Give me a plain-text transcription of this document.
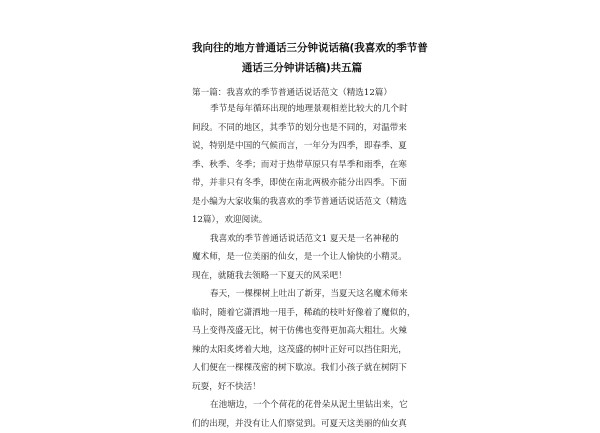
我向往的地方普通话三分钟说话稿(我喜欢的季节普
通话三分钟讲话稿)共五篇

第一篇：我喜欢的季节普通话说话范文（精选12篇）

季节是每年循环出现的地理景观相差比较大的几个时
间段。不同的地区，其季节的划分也是不同的，对温带来
说，特别是中国的气候而言，一年分为四季，即春季、夏
季、秋季、冬季；而对于热带草原只有旱季和雨季，在寒
带，并非只有冬季，即使在南北两极亦能分出四季。下面
是小编为大家收集的我喜欢的季节普通话说话范文（精选
12篇），欢迎阅读。
我喜欢的季节普通话说话范文1 夏天是一名神秘的
魔术师，是一位美丽的仙女，是一个让人愉快的小精灵。
现在，就随我去领略一下夏天的风采吧！
春天，一棵棵树上吐出了新芽，当夏天这名魔术师来
临时，随着它潇洒地一甩手，稀疏的枝叶好像着了魔似的，
马上变得茂盛无比，树干仿佛也变得更加高大粗壮。火辣
辣的太阳炙烤着大地，这茂盛的树叶正好可以挡住阳光，
人们便在一棵棵茂密的树下歇凉。我们小孩子就在树阴下
玩耍，好不快活！
在池塘边，一个个荷花的花骨朵从泥土里钻出来，它
们的出现，并没有让人们察觉到。可夏天这美丽的仙女真
